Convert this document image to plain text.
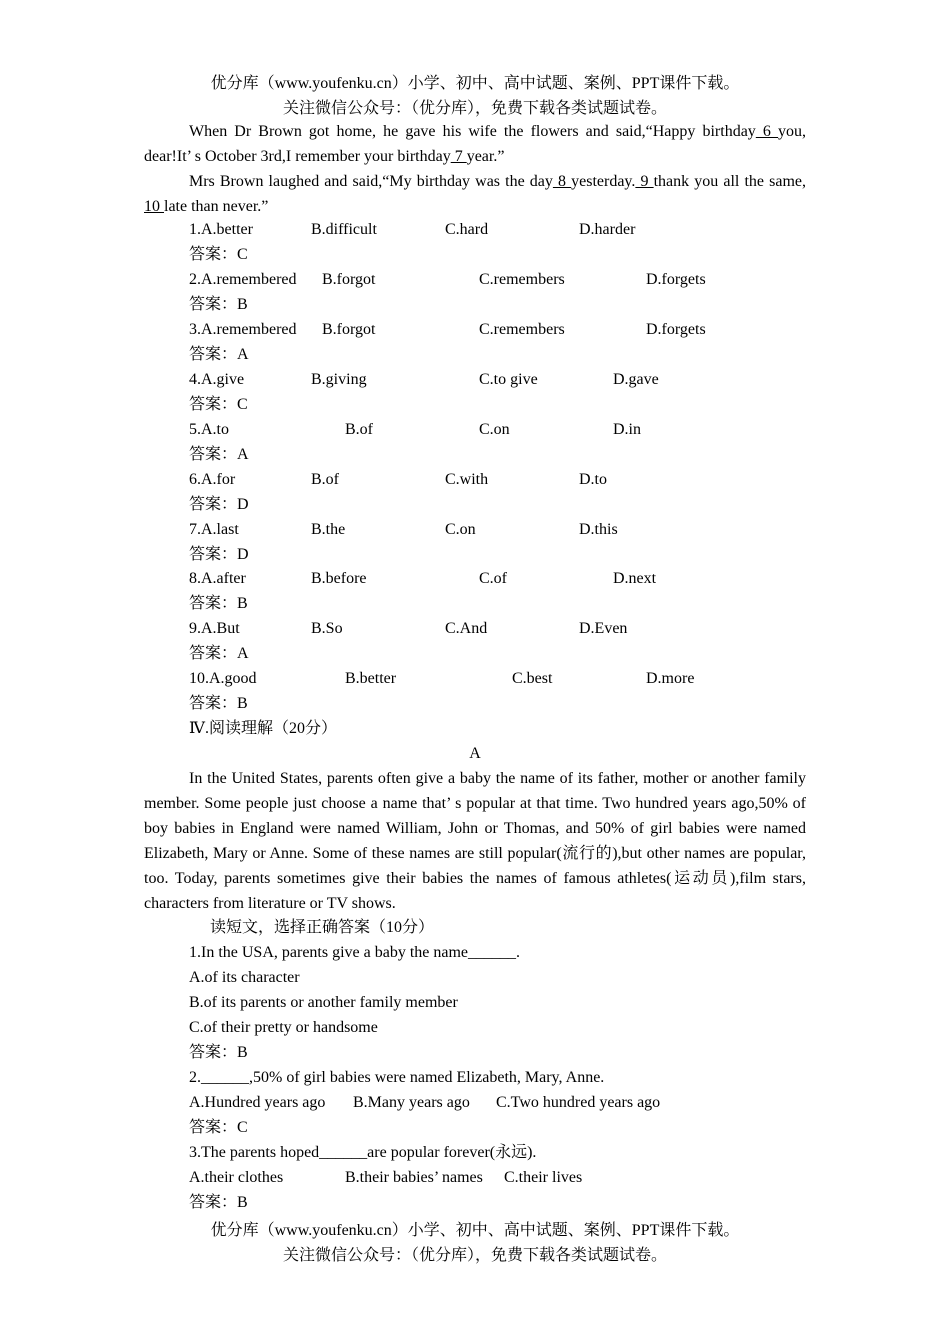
优分库（www.youfenku.cn）小学、初中、高中试题、案例、PPT课件下载。
关注微信公众号：（优分库），免费下载各类试题试卷。
When Dr Brown got home, he gave his wife the flowers and said,“Happy birthday 6 you, dear!It’ s October 3rd,I remember your birthday 7 year.”
Mrs Brown laughed and said,“My birthday was the day 8 yesterday. 9 thank you all the same, 10 late than never.”
1.A.better	B.difficult	C.hard	D.harder
答案：C
2.A.remembered B.forgot	C.remembers	D.forgets
答案：B
3.A.remembered B.forgot	C.remembers	D.forgets
答案：A
4.A.give	B.giving	C.to give	D.gave
答案：C
5.A.to	B.of	C.on	D.in
答案：A
6.A.for	B.of	C.with	D.to
答案：D
7.A.last	B.the	C.on	D.this
答案：D
8.A.after	B.before	C.of	D.next
答案：B
9.A.But	B.So	C.And	D.Even
答案：A
10.A.good	B.better	C.best	D.more
答案：B
Ⅳ.阅读理解（20分）
A
In the United States, parents often give a baby the name of its father, mother or another family member. Some people just choose a name that’ s popular at that time. Two hundred years ago,50% of boy babies in England were named William, John or Thomas, and 50% of girl babies were named Elizabeth, Mary or Anne. Some of these names are still popular(流行的),but other names are popular, too. Today, parents sometimes give their babies the names of famous athletes(运动员),film stars, characters from literature or TV shows.
读短文，选择正确答案（10分）
1.In the USA, parents give a baby the name______.
A.of its character
B.of its parents or another family member
C.of their pretty or handsome
答案：B
2.______,50% of girl babies were named Elizabeth, Mary, Anne.
A.Hundred years ago B.Many years ago C.Two hundred years ago
答案：C
3.The parents hoped______are popular forever(永远).
A.their clothes	B.their babies’ names C.their lives
答案：B
优分库（www.youfenku.cn）小学、初中、高中试题、案例、PPT课件下载。
关注微信公众号：（优分库），免费下载各类试题试卷。
